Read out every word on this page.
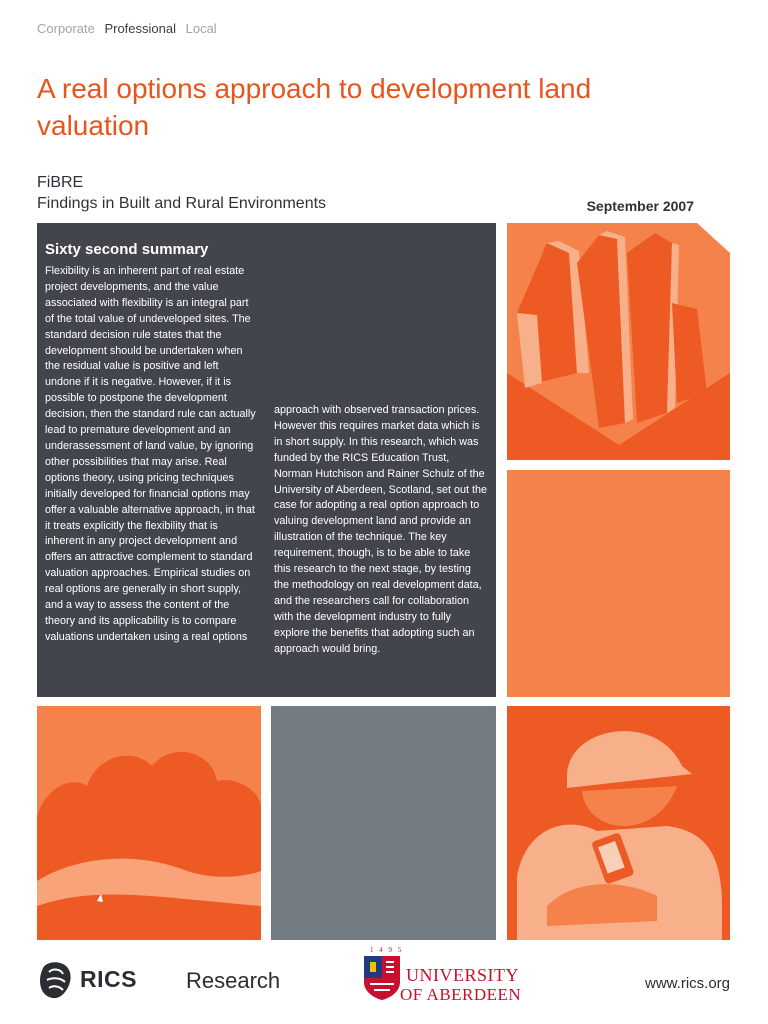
Corporate Professional Local
A real options approach to development land valuation
FiBRE
Findings in Built and Rural Environments	September 2007
Sixty second summary
Flexibility is an inherent part of real estate project developments, and the value associated with flexibility is an integral part of the total value of undeveloped sites. The standard decision rule states that the development should be undertaken when the residual value is positive and left undone if it is negative. However, if it is possible to postpone the development decision, then the standard rule can actually lead to premature development and an underassessment of land value, by ignoring other possibilities that may arise. Real options theory, using pricing techniques initially developed for financial options may offer a valuable alternative approach, in that it treats explicitly the flexibility that is inherent in any project development and offers an attractive complement to standard valuation approaches. Empirical studies on real options are generally in short supply, and a way to assess the content of the theory and its applicability is to compare valuations undertaken using a real options
approach with observed transaction prices. However this requires market data which is in short supply. In this research, which was funded by the RICS Education Trust, Norman Hutchison and Rainer Schulz of the University of Aberdeen, Scotland, set out the case for adopting a real option approach to valuing development land and provide an illustration of the technique. The key requirement, though, is to be able to take this research to the next stage, by testing the methodology on real development data, and the researchers call for collaboration with the development industry to fully explore the benefits that adopting such an approach would bring.
RICS Research
1 4 9 5
UNIVERSITY
OF ABERDEEN
www.rics.org
